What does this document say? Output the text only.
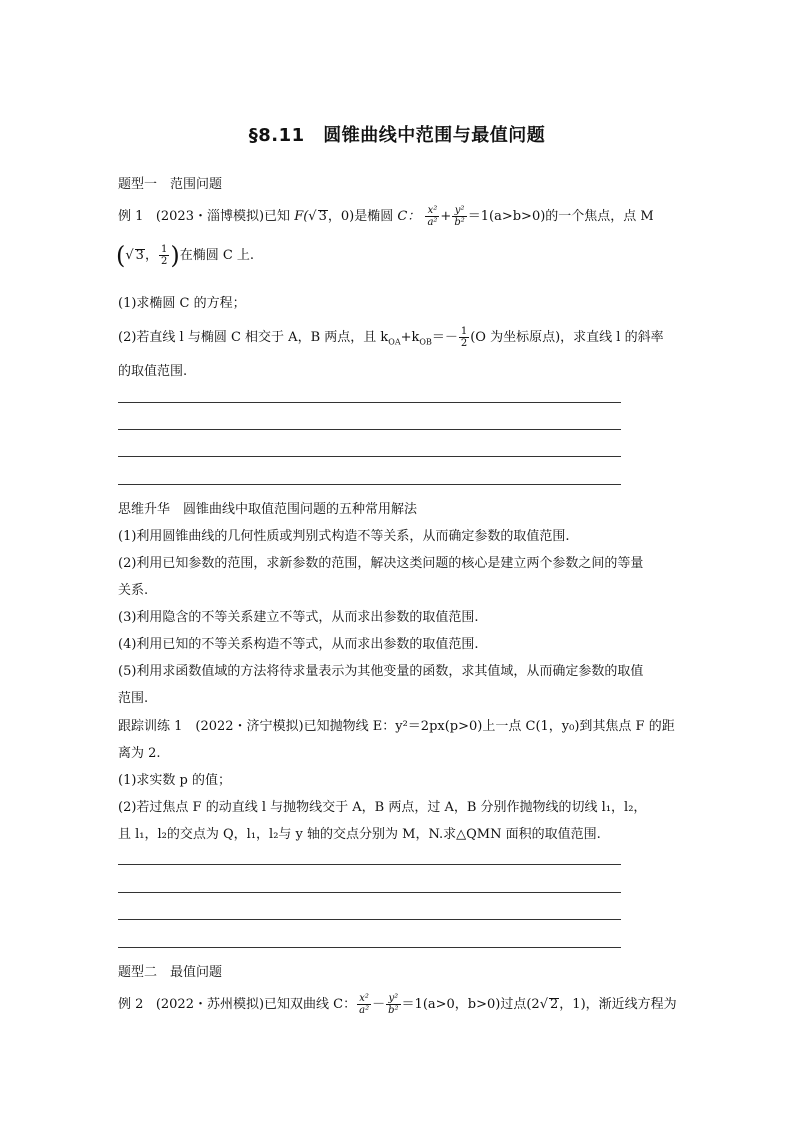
§8.11　圆锥曲线中范围与最值问题
题型一　范围问题
例 1 (2023・淄博模拟)已知 F(√ 3，0)是椭圆 C： $\frac{\text{x²}}{\text{a²}} + \frac{\text{y²}}{\text{b²}} =1(a>b>0)$的一个焦点，点 M
(√ 3， $\frac{1}{2}$ )在椭圆 C 上.
(1)求椭圆 C 的方程；
(2)若直线 l 与椭圆 C 相交于 A，B 两点，且 $k_{OA}+k_{OB}=- \frac{1}{2} (O$ 为坐标原点)，求直线 l 的斜率
的取值范围.
思维升华　圆锥曲线中取值范围问题的五种常用解法
(1)利用圆锥曲线的几何性质或判别式构造不等关系，从而确定参数的取值范围.
(2)利用已知参数的范围，求新参数的范围，解决这类问题的核心是建立两个参数之间的等量
关系.
(3)利用隐含的不等关系建立不等式，从而求出参数的取值范围.
(4)利用已知的不等关系构造不等式，从而求出参数的取值范围.
(5)利用求函数值域的方法将待求量表示为其他变量的函数，求其值域，从而确定参数的取值
范围.
跟踪训练 1　(2022・济宁模拟)已知抛物线 E：y²＝2px(p>0)上一点 C(1，y₀)到其焦点 F 的距
离为 2.
(1)求实数 p 的值；
(2)若过焦点 F 的动直线 l 与抛物线交于 A，B 两点，过 A，B 分别作抛物线的切线 l₁，l₂，
且 l₁，l₂的交点为 Q，l₁，l₂与 y 轴的交点分别为 M，N.求△QMN 面积的取值范围.
题型二　最值问题
例 2 (2022・苏州模拟)已知双曲线 C： $\frac{\text{x²}}{\text{a²}} - \frac{\text{y²}}{\text{b²}} =1(a>0$，b>0)过点(2√ 2，1)，渐近线方程为
